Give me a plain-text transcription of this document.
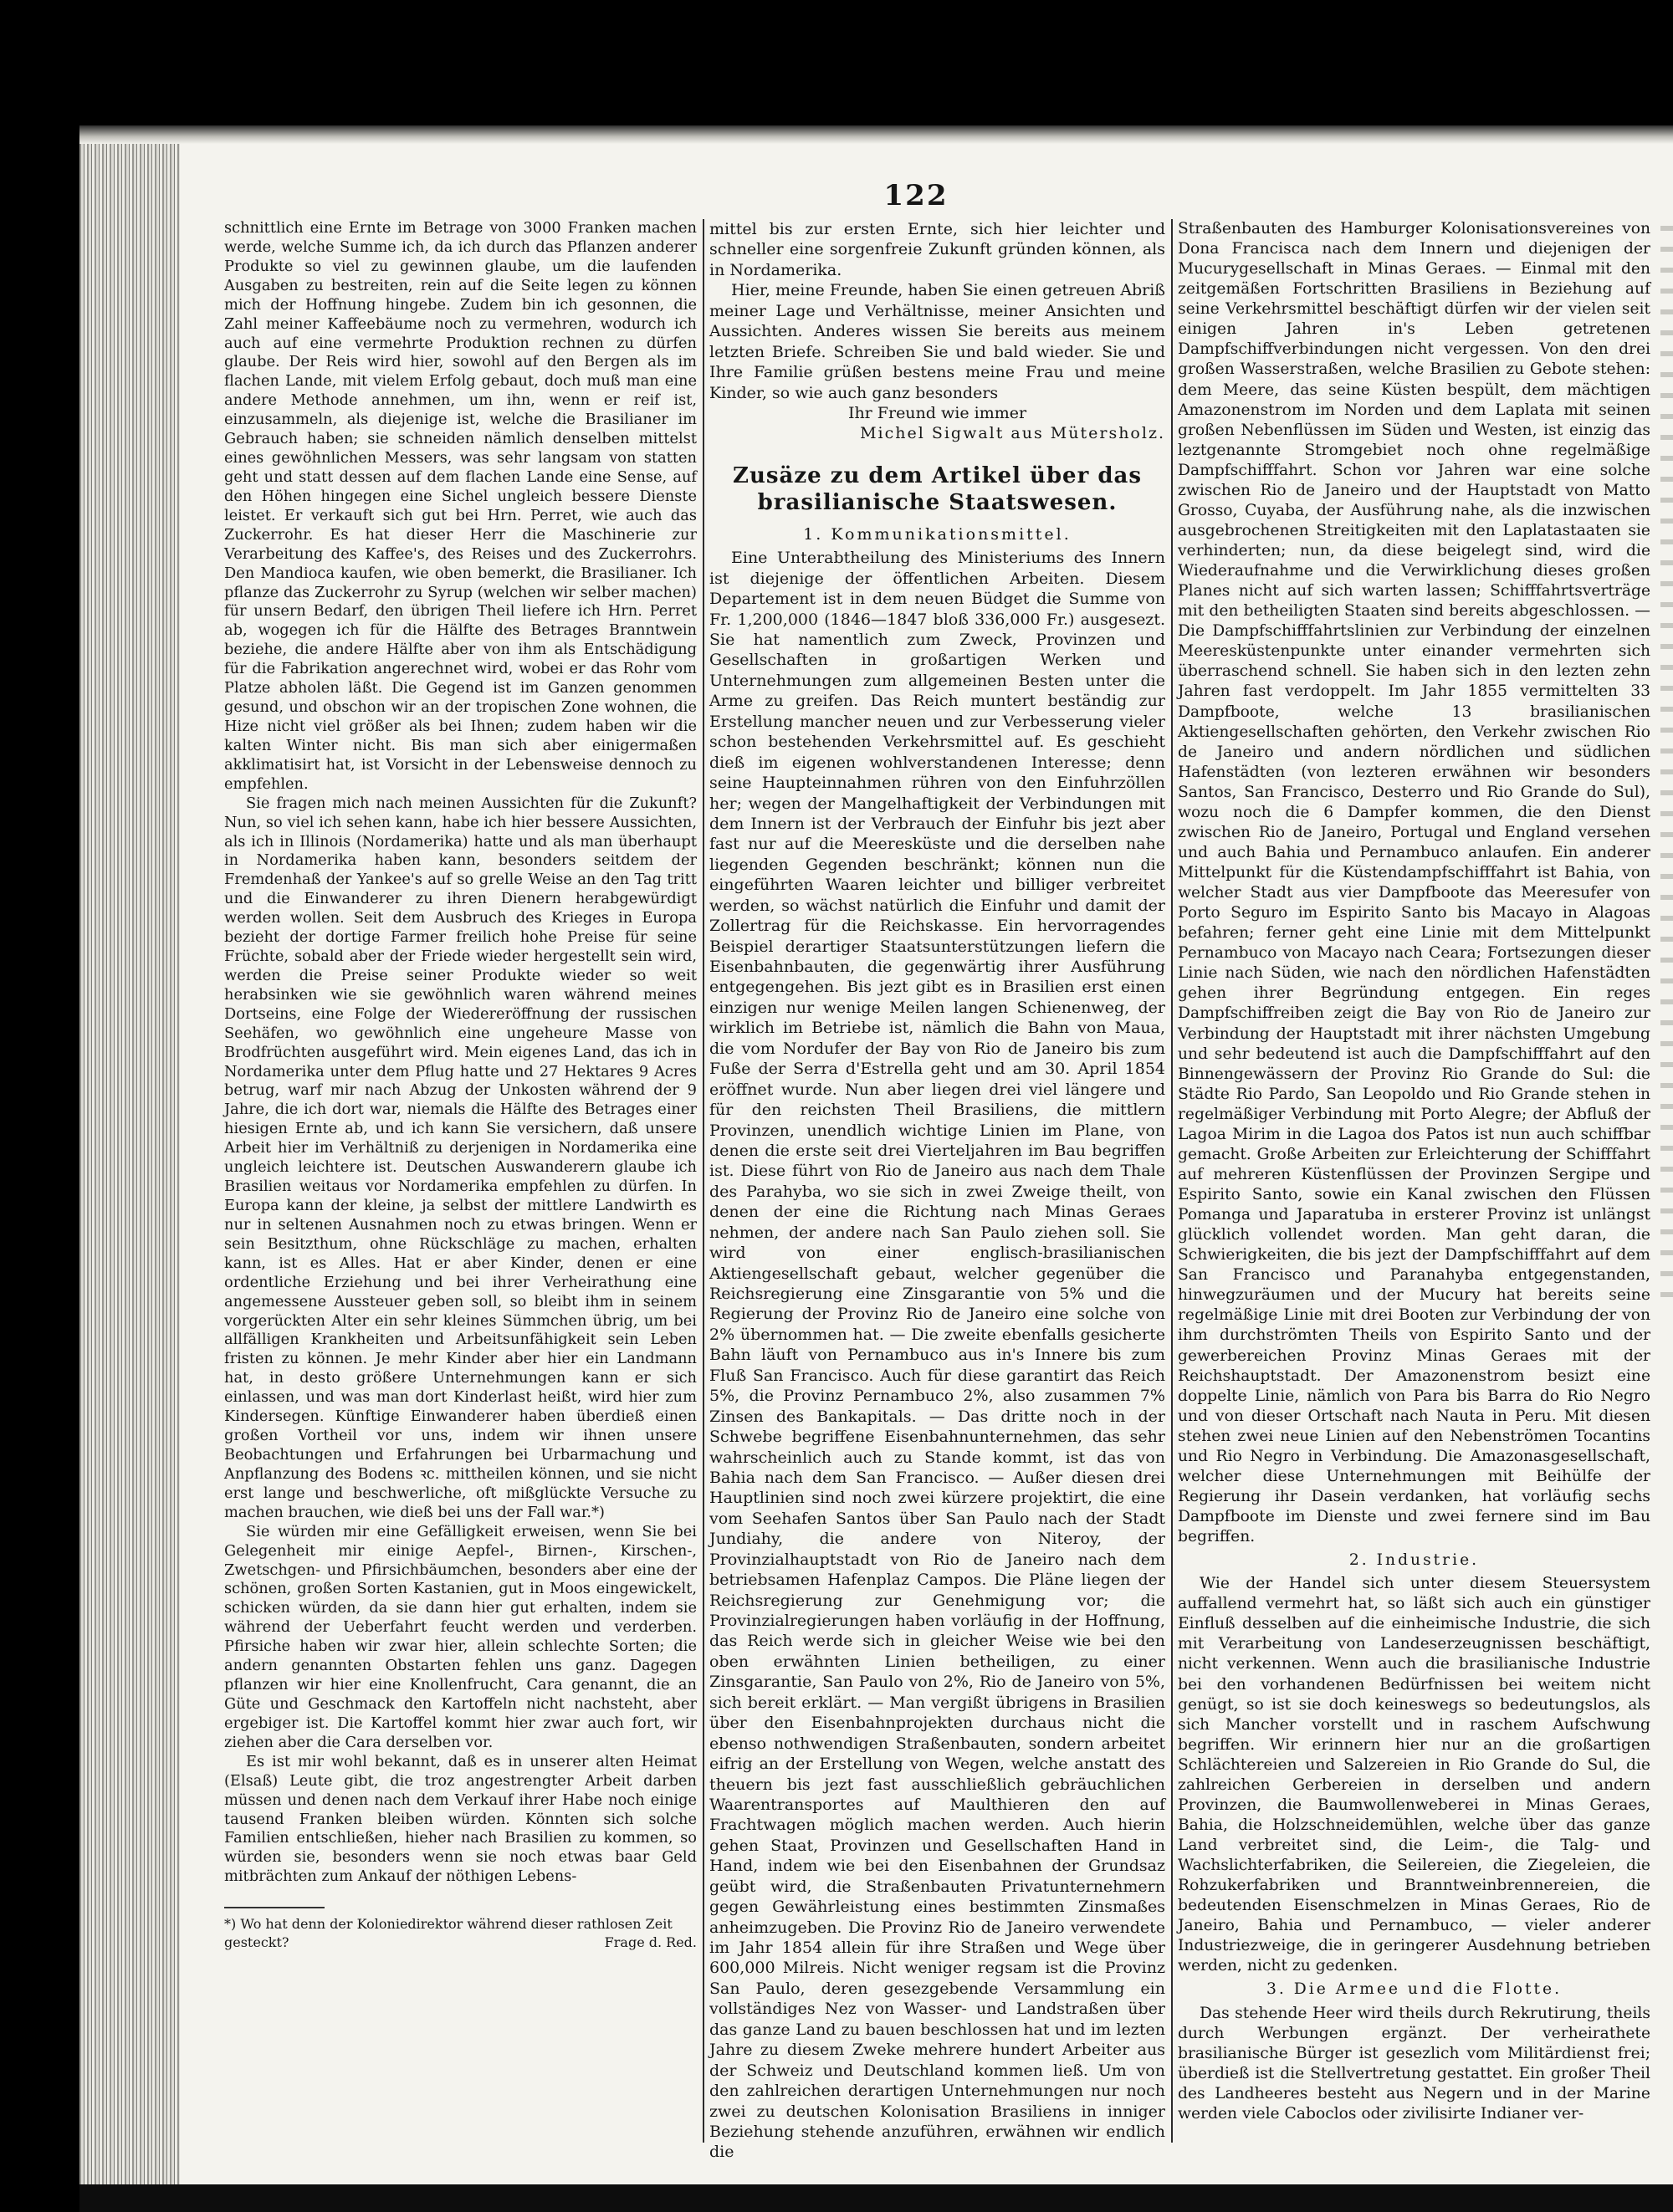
122

schnittlich eine Ernte im Betrage von 3000 Franken machen werde, welche Summe ich, da ich durch das Pflanzen anderer Produkte so viel zu gewinnen glaube, um die laufenden Ausgaben zu bestreiten, rein auf die Seite legen zu können mich der Hoffnung hingebe. Zudem bin ich gesonnen, die Zahl meiner Kaffeebäume noch zu vermehren, wodurch ich auch auf eine vermehrte Produktion rechnen zu dürfen glaube. Der Reis wird hier, sowohl auf den Bergen als im flachen Lande, mit vielem Erfolg gebaut, doch muß man eine andere Methode annehmen, um ihn, wenn er reif ist, einzusammeln, als diejenige ist, welche die Brasilianer im Gebrauch haben; sie schneiden nämlich denselben mittelst eines gewöhnlichen Messers, was sehr langsam von statten geht und statt dessen auf dem flachen Lande eine Sense, auf den Höhen hingegen eine Sichel ungleich bessere Dienste leistet. Er verkauft sich gut bei Hrn. Perret, wie auch das Zuckerrohr. Es hat dieser Herr die Maschinerie zur Verarbeitung des Kaffee's, des Reises und des Zuckerrohrs. Den Mandioca kaufen, wie oben bemerkt, die Brasilianer. Ich pflanze das Zuckerrohr zu Syrup (welchen wir selber machen) für unsern Bedarf, den übrigen Theil liefere ich Hrn. Perret ab, wogegen ich für die Hälfte des Betrages Branntwein beziehe, die andere Hälfte aber von ihm als Entschädigung für die Fabrikation angerechnet wird, wobei er das Rohr vom Platze abholen läßt. Die Gegend ist im Ganzen genommen gesund, und obschon wir an der tropischen Zone wohnen, die Hize nicht viel größer als bei Ihnen; zudem haben wir die kalten Winter nicht. Bis man sich aber einigermaßen akklimatisirt hat, ist Vorsicht in der Lebensweise dennoch zu empfehlen.

Sie fragen mich nach meinen Aussichten für die Zukunft? Nun, so viel ich sehen kann, habe ich hier bessere Aussichten, als ich in Illinois (Nordamerika) hatte und als man überhaupt in Nordamerika haben kann, besonders seitdem der Fremdenhaß der Yankee's auf so grelle Weise an den Tag tritt und die Einwanderer zu ihren Dienern herabgewürdigt werden wollen. Seit dem Ausbruch des Krieges in Europa bezieht der dortige Farmer freilich hohe Preise für seine Früchte, sobald aber der Friede wieder hergestellt sein wird, werden die Preise seiner Produkte wieder so weit herabsinken wie sie gewöhnlich waren während meines Dortseins, eine Folge der Wiedereröffnung der russischen Seehäfen, wo gewöhnlich eine ungeheure Masse von Brodfrüchten ausgeführt wird. Mein eigenes Land, das ich in Nordamerika unter dem Pflug hatte und 27 Hektares 9 Acres betrug, warf mir nach Abzug der Unkosten während der 9 Jahre, die ich dort war, niemals die Hälfte des Betrages einer hiesigen Ernte ab, und ich kann Sie versichern, daß unsere Arbeit hier im Verhältniß zu derjenigen in Nordamerika eine ungleich leichtere ist. Deutschen Auswanderern glaube ich Brasilien weitaus vor Nordamerika empfehlen zu dürfen. In Europa kann der kleine, ja selbst der mittlere Landwirth es nur in seltenen Ausnahmen noch zu etwas bringen. Wenn er sein Besitzthum, ohne Rückschläge zu machen, erhalten kann, ist es Alles. Hat er aber Kinder, denen er eine ordentliche Erziehung und bei ihrer Verheirathung eine angemessene Aussteuer geben soll, so bleibt ihm in seinem vorgerückten Alter ein sehr kleines Sümmchen übrig, um bei allfälligen Krankheiten und Arbeitsunfähigkeit sein Leben fristen zu können. Je mehr Kinder aber hier ein Landmann hat, in desto größere Unternehmungen kann er sich einlassen, und was man dort Kinderlast heißt, wird hier zum Kindersegen. Künftige Einwanderer haben überdieß einen großen Vortheil vor uns, indem wir ihnen unsere Beobachtungen und Erfahrungen bei Urbarmachung und Anpflanzung des Bodens ꝛc. mittheilen können, und sie nicht erst lange und beschwerliche, oft mißglückte Versuche zu machen brauchen, wie dieß bei uns der Fall war.*)

Sie würden mir eine Gefälligkeit erweisen, wenn Sie bei Gelegenheit mir einige Aepfel-, Birnen-, Kirschen-, Zwetschgen- und Pfirsichbäumchen, besonders aber eine der schönen, großen Sorten Kastanien, gut in Moos eingewickelt, schicken würden, da sie dann hier gut erhalten, indem sie während der Ueberfahrt feucht werden und verderben. Pfirsiche haben wir zwar hier, allein schlechte Sorten; die andern genannten Obstarten fehlen uns ganz. Dagegen pflanzen wir hier eine Knollenfrucht, Cara genannt, die an Güte und Geschmack den Kartoffeln nicht nachsteht, aber ergebiger ist. Die Kartoffel kommt hier zwar auch fort, wir ziehen aber die Cara derselben vor.

Es ist mir wohl bekannt, daß es in unserer alten Heimat (Elsaß) Leute gibt, die troz angestrengter Arbeit darben müssen und denen nach dem Verkauf ihrer Habe noch einige tausend Franken bleiben würden. Könnten sich solche Familien entschließen, hieher nach Brasilien zu kommen, so würden sie, besonders wenn sie noch etwas baar Geld mitbrächten zum Ankauf der nöthigen Lebens-

*) Wo hat denn der Koloniedirektor während dieser rathlosen Zeit gesteckt?	Frage d. Red.

mittel bis zur ersten Ernte, sich hier leichter und schneller eine sorgenfreie Zukunft gründen können, als in Nordamerika.

Hier, meine Freunde, haben Sie einen getreuen Abriß meiner Lage und Verhältnisse, meiner Ansichten und Aussichten. Anderes wissen Sie bereits aus meinem letzten Briefe. Schreiben Sie und bald wieder. Sie und Ihre Familie grüßen bestens meine Frau und meine Kinder, so wie auch ganz besonders

Ihr Freund wie immer

Michel Sigwalt aus Mütersholz.

Zusäze zu dem Artikel über das brasilianische Staatswesen.

1. Kommunikationsmittel.

Eine Unterabtheilung des Ministeriums des Innern ist diejenige der öffentlichen Arbeiten. Diesem Departement ist in dem neuen Büdget die Summe von Fr. 1,200,000 (1846—1847 bloß 336,000 Fr.) ausgesezt. Sie hat namentlich zum Zweck, Provinzen und Gesellschaften in großartigen Werken und Unternehmungen zum allgemeinen Besten unter die Arme zu greifen. Das Reich muntert beständig zur Erstellung mancher neuen und zur Verbesserung vieler schon bestehenden Verkehrsmittel auf. Es geschieht dieß im eigenen wohlverstandenen Interesse; denn seine Haupteinnahmen rühren von den Einfuhrzöllen her; wegen der Mangelhaftigkeit der Verbindungen mit dem Innern ist der Verbrauch der Einfuhr bis jezt aber fast nur auf die Meeresküste und die derselben nahe liegenden Gegenden beschränkt; können nun die eingeführten Waaren leichter und billiger verbreitet werden, so wächst natürlich die Einfuhr und damit der Zollertrag für die Reichskasse. Ein hervorragendes Beispiel derartiger Staatsunterstützungen liefern die Eisenbahnbauten, die gegenwärtig ihrer Ausführung entgegengehen. Bis jezt gibt es in Brasilien erst einen einzigen nur wenige Meilen langen Schienenweg, der wirklich im Betriebe ist, nämlich die Bahn von Maua, die vom Nordufer der Bay von Rio de Janeiro bis zum Fuße der Serra d'Estrella geht und am 30. April 1854 eröffnet wurde. Nun aber liegen drei viel längere und für den reichsten Theil Brasiliens, die mittlern Provinzen, unendlich wichtige Linien im Plane, von denen die erste seit drei Vierteljahren im Bau begriffen ist. Diese führt von Rio de Janeiro aus nach dem Thale des Parahyba, wo sie sich in zwei Zweige theilt, von denen der eine die Richtung nach Minas Geraes nehmen, der andere nach San Paulo ziehen soll. Sie wird von einer englisch-brasilianischen Aktiengesellschaft gebaut, welcher gegenüber die Reichsregierung eine Zinsgarantie von 5% und die Regierung der Provinz Rio de Janeiro eine solche von 2% übernommen hat. — Die zweite ebenfalls gesicherte Bahn läuft von Pernambuco aus in's Innere bis zum Fluß San Francisco. Auch für diese garantirt das Reich 5%, die Provinz Pernambuco 2%, also zusammen 7% Zinsen des Bankapitals. — Das dritte noch in der Schwebe begriffene Eisenbahnunternehmen, das sehr wahrscheinlich auch zu Stande kommt, ist das von Bahia nach dem San Francisco. — Außer diesen drei Hauptlinien sind noch zwei kürzere projektirt, die eine vom Seehafen Santos über San Paulo nach der Stadt Jundiahy, die andere von Niteroy, der Provinzialhauptstadt von Rio de Janeiro nach dem betriebsamen Hafenplaz Campos. Die Pläne liegen der Reichsregierung zur Genehmigung vor; die Provinzialregierungen haben vorläufig in der Hoffnung, das Reich werde sich in gleicher Weise wie bei den oben erwähnten Linien betheiligen, zu einer Zinsgarantie, San Paulo von 2%, Rio de Janeiro von 5%, sich bereit erklärt. — Man vergißt übrigens in Brasilien über den Eisenbahnprojekten durchaus nicht die ebenso nothwendigen Straßenbauten, sondern arbeitet eifrig an der Erstellung von Wegen, welche anstatt des theuern bis jezt fast ausschließlich gebräuchlichen Waarentransportes auf Maulthieren den auf Frachtwagen möglich machen werden. Auch hierin gehen Staat, Provinzen und Gesellschaften Hand in Hand, indem wie bei den Eisenbahnen der Grundsaz geübt wird, die Straßenbauten Privatunternehmern gegen Gewährleistung eines bestimmten Zinsmaßes anheimzugeben. Die Provinz Rio de Janeiro verwendete im Jahr 1854 allein für ihre Straßen und Wege über 600,000 Milreis. Nicht weniger regsam ist die Provinz San Paulo, deren gesezgebende Versammlung ein vollständiges Nez von Wasser- und Landstraßen über das ganze Land zu bauen beschlossen hat und im lezten Jahre zu diesem Zweke mehrere hundert Arbeiter aus der Schweiz und Deutschland kommen ließ. Um von den zahlreichen derartigen Unternehmungen nur noch zwei zu deutschen Kolonisation Brasiliens in inniger Beziehung stehende anzuführen, erwähnen wir endlich die

Straßenbauten des Hamburger Kolonisationsvereines von Dona Francisca nach dem Innern und diejenigen der Mucurygesellschaft in Minas Geraes. — Einmal mit den zeitgemäßen Fortschritten Brasiliens in Beziehung auf seine Verkehrsmittel beschäftigt dürfen wir der vielen seit einigen Jahren in's Leben getretenen Dampfschiffverbindungen nicht vergessen. Von den drei großen Wasserstraßen, welche Brasilien zu Gebote stehen: dem Meere, das seine Küsten bespült, dem mächtigen Amazonenstrom im Norden und dem Laplata mit seinen großen Nebenflüssen im Süden und Westen, ist einzig das leztgenannte Stromgebiet noch ohne regelmäßige Dampfschifffahrt. Schon vor Jahren war eine solche zwischen Rio de Janeiro und der Hauptstadt von Matto Grosso, Cuyaba, der Ausführung nahe, als die inzwischen ausgebrochenen Streitigkeiten mit den Laplatastaaten sie verhinderten; nun, da diese beigelegt sind, wird die Wiederaufnahme und die Verwirklichung dieses großen Planes nicht auf sich warten lassen; Schifffahrtsverträge mit den betheiligten Staaten sind bereits abgeschlossen. — Die Dampfschifffahrtslinien zur Verbindung der einzelnen Meeresküstenpunkte unter einander vermehrten sich überraschend schnell. Sie haben sich in den lezten zehn Jahren fast verdoppelt. Im Jahr 1855 vermittelten 33 Dampfboote, welche 13 brasilianischen Aktiengesellschaften gehörten, den Verkehr zwischen Rio de Janeiro und andern nördlichen und südlichen Hafenstädten (von lezteren erwähnen wir besonders Santos, San Francisco, Desterro und Rio Grande do Sul), wozu noch die 6 Dampfer kommen, die den Dienst zwischen Rio de Janeiro, Portugal und England versehen und auch Bahia und Pernambuco anlaufen. Ein anderer Mittelpunkt für die Küstendampfschifffahrt ist Bahia, von welcher Stadt aus vier Dampfboote das Meeresufer von Porto Seguro im Espirito Santo bis Macayo in Alagoas befahren; ferner geht eine Linie mit dem Mittelpunkt Pernambuco von Macayo nach Ceara; Fortsezungen dieser Linie nach Süden, wie nach den nördlichen Hafenstädten gehen ihrer Begründung entgegen. Ein reges Dampfschiffreiben zeigt die Bay von Rio de Janeiro zur Verbindung der Hauptstadt mit ihrer nächsten Umgebung und sehr bedeutend ist auch die Dampfschifffahrt auf den Binnengewässern der Provinz Rio Grande do Sul: die Städte Rio Pardo, San Leopoldo und Rio Grande stehen in regelmäßiger Verbindung mit Porto Alegre; der Abfluß der Lagoa Mirim in die Lagoa dos Patos ist nun auch schiffbar gemacht. Große Arbeiten zur Erleichterung der Schifffahrt auf mehreren Küstenflüssen der Provinzen Sergipe und Espirito Santo, sowie ein Kanal zwischen den Flüssen Pomanga und Japaratuba in ersterer Provinz ist unlängst glücklich vollendet worden. Man geht daran, die Schwierigkeiten, die bis jezt der Dampfschifffahrt auf dem San Francisco und Paranahyba entgegenstanden, hinwegzuräumen und der Mucury hat bereits seine regelmäßige Linie mit drei Booten zur Verbindung der von ihm durchströmten Theils von Espirito Santo und der gewerbereichen Provinz Minas Geraes mit der Reichshauptstadt. Der Amazonenstrom besizt eine doppelte Linie, nämlich von Para bis Barra do Rio Negro und von dieser Ortschaft nach Nauta in Peru. Mit diesen stehen zwei neue Linien auf den Nebenströmen Tocantins und Rio Negro in Verbindung. Die Amazonasgesellschaft, welcher diese Unternehmungen mit Beihülfe der Regierung ihr Dasein verdanken, hat vorläufig sechs Dampfboote im Dienste und zwei fernere sind im Bau begriffen.

2. Industrie.

Wie der Handel sich unter diesem Steuersystem auffallend vermehrt hat, so läßt sich auch ein günstiger Einfluß desselben auf die einheimische Industrie, die sich mit Verarbeitung von Landeserzeugnissen beschäftigt, nicht verkennen. Wenn auch die brasilianische Industrie bei den vorhandenen Bedürfnissen bei weitem nicht genügt, so ist sie doch keineswegs so bedeutungslos, als sich Mancher vorstellt und in raschem Aufschwung begriffen. Wir erinnern hier nur an die großartigen Schlächtereien und Salzereien in Rio Grande do Sul, die zahlreichen Gerbereien in derselben und andern Provinzen, die Baumwollenweberei in Minas Geraes, Bahia, die Holzschneidemühlen, welche über das ganze Land verbreitet sind, die Leim-, die Talg- und Wachslichterfabriken, die Seilereien, die Ziegeleien, die Rohzukerfabriken und Branntweinbrennereien, die bedeutenden Eisenschmelzen in Minas Geraes, Rio de Janeiro, Bahia und Pernambuco, — vieler anderer Industriezweige, die in geringerer Ausdehnung betrieben werden, nicht zu gedenken.

3. Die Armee und die Flotte.

Das stehende Heer wird theils durch Rekrutirung, theils durch Werbungen ergänzt. Der verheirathete brasilianische Bürger ist gesezlich vom Militärdienst frei; überdieß ist die Stellvertretung gestattet. Ein großer Theil des Landheeres besteht aus Negern und in der Marine werden viele Caboclos oder zivilisirte Indianer ver-
